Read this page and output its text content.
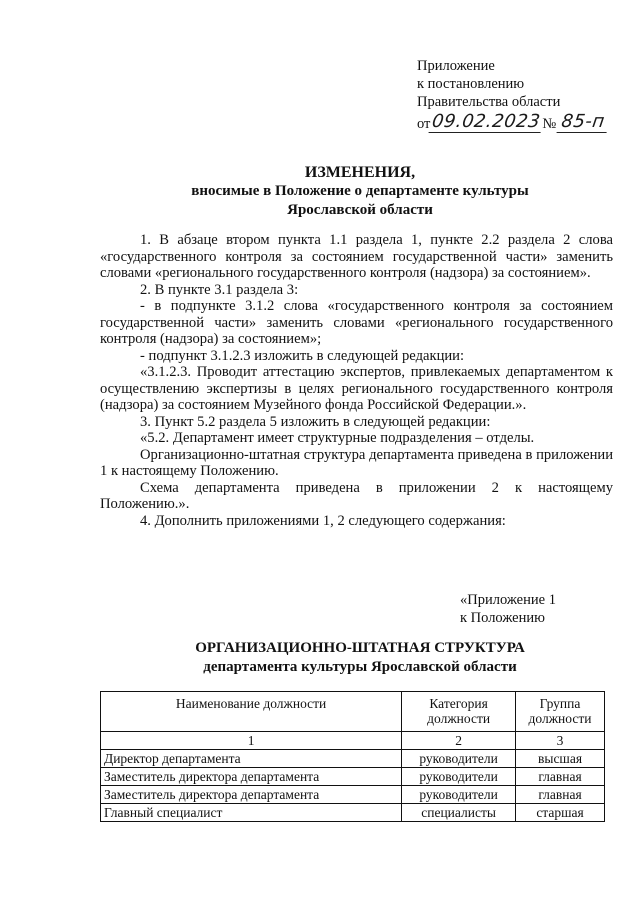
Приложение
к постановлению
Правительства области
от 09.02.2023 № 85-п
ИЗМЕНЕНИЯ,
вносимые в Положение о департаменте культуры
Ярославской области

1. В абзаце втором пункта 1.1 раздела 1, пункте 2.2 раздела 2 слова «государственного контроля за состоянием государственной части» заменить словами «регионального государственного контроля (надзора) за состоянием».

2. В пункте 3.1 раздела 3:

- в подпункте 3.1.2 слова «государственного контроля за состоянием государственной части» заменить словами «регионального государственного контроля (надзора) за состоянием»;

- подпункт 3.1.2.3 изложить в следующей редакции:

«3.1.2.3. Проводит аттестацию экспертов, привлекаемых департаментом к осуществлению экспертизы в целях регионального государственного контроля (надзора) за состоянием Музейного фонда Российской Федерации.».

3. Пункт 5.2 раздела 5 изложить в следующей редакции:

«5.2. Департамент имеет структурные подразделения – отделы.

Организационно-штатная структура департамента приведена в приложении 1 к настоящему Положению.

Схема департамента приведена в приложении 2 к настоящему Положению.».

4. Дополнить приложениями 1, 2 следующего содержания:

«Приложение 1
к Положению
ОРГАНИЗАЦИОННО-ШТАТНАЯ СТРУКТУРА
департамента культуры Ярославской области
Наименование должности	Категория должности	Группа должности
1	2	3
Директор департамента	руководители	высшая
Заместитель директора департамента	руководители	главная
Заместитель директора департамента	руководители	главная
Главный специалист	специалисты	старшая
